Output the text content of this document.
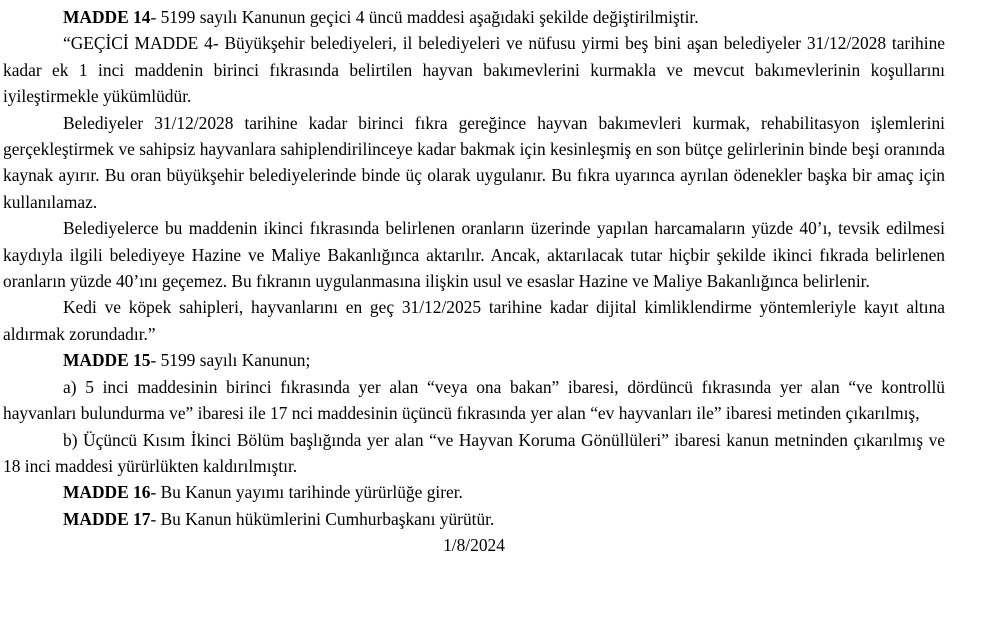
MADDE 14- 5199 sayılı Kanunun geçici 4 üncü maddesi aşağıdaki şekilde değiştirilmiştir.

“GEÇİCİ MADDE 4- Büyükşehir belediyeleri, il belediyeleri ve nüfusu yirmi beş bini aşan belediyeler 31/12/2028 tarihine kadar ek 1 inci maddenin birinci fıkrasında belirtilen hayvan bakımevlerini kurmakla ve mevcut bakımevlerinin koşullarını iyileştirmekle yükümlüdür.

Belediyeler 31/12/2028 tarihine kadar birinci fıkra gereğince hayvan bakımevleri kurmak, rehabilitasyon işlemlerini gerçekleştirmek ve sahipsiz hayvanlara sahiplendirilinceye kadar bakmak için kesinleşmiş en son bütçe gelirlerinin binde beşi oranında kaynak ayırır. Bu oran büyükşehir belediyelerinde binde üç olarak uygulanır. Bu fıkra uyarınca ayrılan ödenekler başka bir amaç için kullanılamaz.

Belediyelerce bu maddenin ikinci fıkrasında belirlenen oranların üzerinde yapılan harcamaların yüzde 40’ı, tevsik edilmesi kaydıyla ilgili belediyeye Hazine ve Maliye Bakanlığınca aktarılır. Ancak, aktarılacak tutar hiçbir şekilde ikinci fıkrada belirlenen oranların yüzde 40’ını geçemez. Bu fıkranın uygulanmasına ilişkin usul ve esaslar Hazine ve Maliye Bakanlığınca belirlenir.

Kedi ve köpek sahipleri, hayvanlarını en geç 31/12/2025 tarihine kadar dijital kimliklendirme yöntemleriyle kayıt altına aldırmak zorundadır.”

MADDE 15- 5199 sayılı Kanunun;

a) 5 inci maddesinin birinci fıkrasında yer alan “veya ona bakan” ibaresi, dördüncü fıkrasında yer alan “ve kontrollü hayvanları bulundurma ve” ibaresi ile 17 nci maddesinin üçüncü fıkrasında yer alan “ev hayvanları ile” ibaresi metinden çıkarılmış,

b) Üçüncü Kısım İkinci Bölüm başlığında yer alan “ve Hayvan Koruma Gönüllüleri” ibaresi kanun metninden çıkarılmış ve 18 inci maddesi yürürlükten kaldırılmıştır.

MADDE 16- Bu Kanun yayımı tarihinde yürürlüğe girer.

MADDE 17- Bu Kanun hükümlerini Cumhurbaşkanı yürütür.

1/8/2024
